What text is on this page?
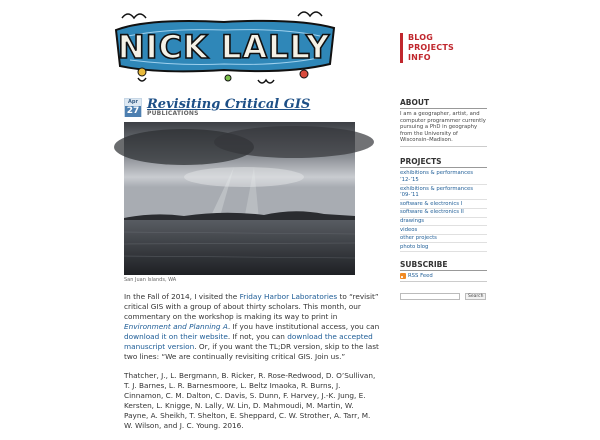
NICK LALLY	BLOG
PROJECTS
INFO
Apr
27 Revisiting Critical GIS
PUBLICATIONS
San Juan Islands, WA

In the Fall of 2014, I visited the Friday Harbor Laboratories to “revisit” critical GIS with a group of about thirty scholars. This month, our commentary on the workshop is making its way to print in Environment and Planning A. If you have institutional access, you can download it on their website. If not, you can download the accepted manuscript version. Or, if you want the TL;DR version, skip to the last two lines: “We are continually revisiting critical GIS. Join us.”

Thatcher, J., L. Bergmann, B. Ricker, R. Rose-Redwood, D. O’Sullivan, T. J. Barnes, L. R. Barnesmoore, L. Beltz Imaoka, R. Burns, J. Cinnamon, C. M. Dalton, C. Davis, S. Dunn, F. Harvey, J.-K. Jung, E. Kersten, L. Knigge, N. Lally, W. Lin, D. Mahmoudi, M. Martin, W. Payne, A. Sheikh, T. Shelton, E. Sheppard, C. W. Strother, A. Tarr, M. W. Wilson, and J. C. Young. 2016.

ABOUT
I am a geographer, artist, and computer programmer currently pursuing a PhD in geography from the University of Wisconsin–Madison.
PROJECTS
exhibitions & performances ’12-’15
exhibitions & performances ’09-’11
software & electronics I
software & electronics II
drawings
videos
other projects
photo blog
SUBSCRIBE
RSS Feed
Search
